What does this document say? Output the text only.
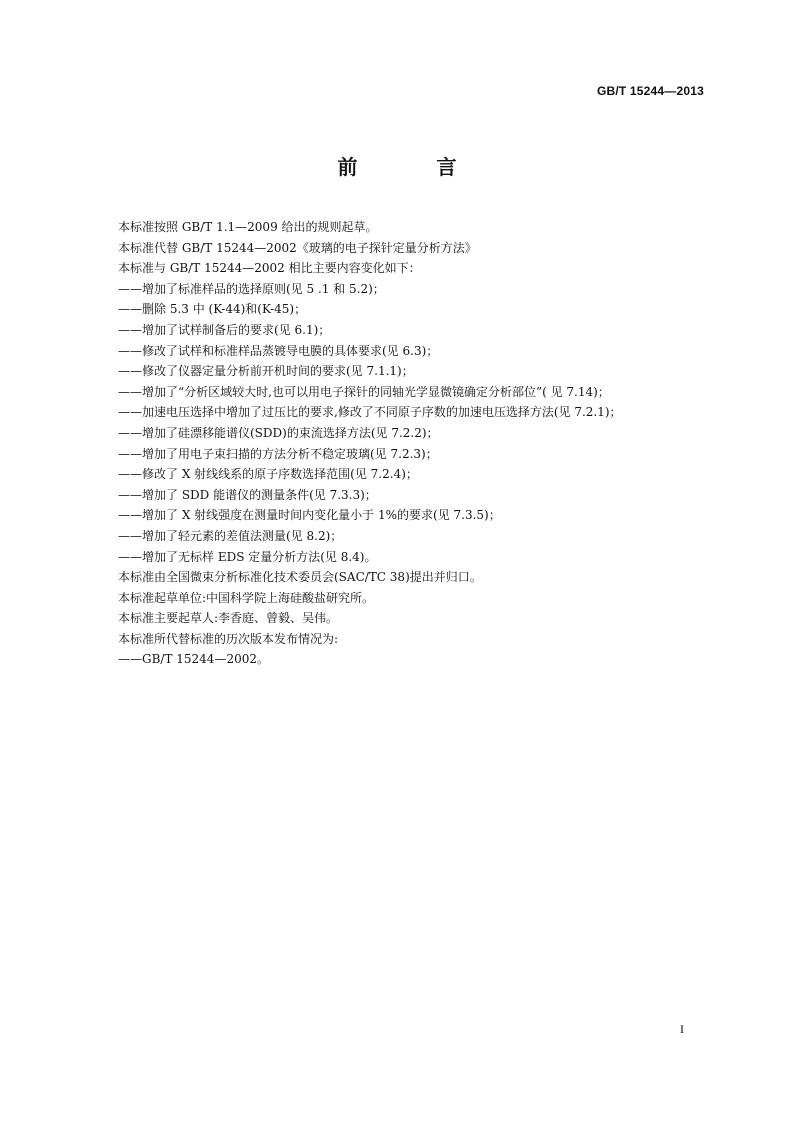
GB/T 15244—2013
前 言
本标准按照 GB/T 1.1—2009 给出的规则起草。
本标准代替 GB/T 15244—2002《玻璃的电子探针定量分析方法》
本标准与 GB/T 15244—2002 相比主要内容变化如下：
——增加了标准样品的选择原则(见 5 .1 和 5.2)；
——删除 5.3 中 (K-44)和(K-45)；
——增加了试样制备后的要求(见 6.1)；
——修改了试样和标准样品蒸镀导电膜的具体要求(见 6.3)；
——修改了仪器定量分析前开机时间的要求(见 7.1.1)；
——增加了“分析区域较大时,也可以用电子探针的同轴光学显微镜确定分析部位”( 见 7.14)；
——加速电压选择中增加了过压比的要求,修改了不同原子序数的加速电压选择方法(见 7.2.1)；
——增加了硅漂移能谱仪(SDD)的束流选择方法(见 7.2.2)；
——增加了用电子束扫描的方法分析不稳定玻璃(见 7.2.3)；
——修改了 X 射线线系的原子序数选择范围(见 7.2.4)；
——增加了 SDD 能谱仪的测量条件(见 7.3.3)；
——增加了 X 射线强度在测量时间内变化量小于 1%的要求(见 7.3.5)；
——增加了轻元素的差值法测量(见 8.2)；
——增加了无标样 EDS 定量分析方法(见 8.4)。
本标准由全国微束分析标准化技术委员会(SAC/TC 38)提出并归口。
本标准起草单位:中国科学院上海硅酸盐研究所。
本标准主要起草人:李香庭、曾毅、吴伟。
本标准所代替标准的历次版本发布情况为:
——GB/T 15244—2002。
I
